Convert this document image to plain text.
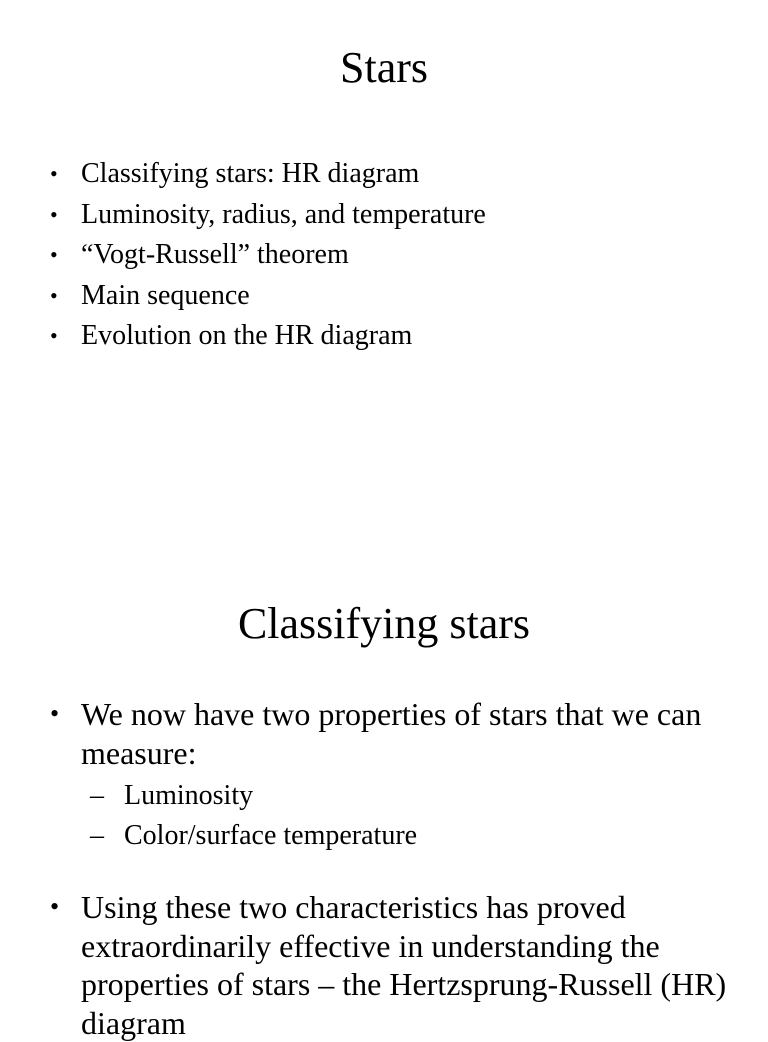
Stars
• Classifying stars: HR diagram
• Luminosity, radius, and temperature
• “Vogt-Russell” theorem
• Main sequence
• Evolution on the HR diagram
Classifying stars
• We now have two properties of stars that we can measure:
– Luminosity
– Color/surface temperature
• Using these two characteristics has proved extraordinarily effective in understanding the properties of stars – the Hertzsprung-Russell (HR) diagram
